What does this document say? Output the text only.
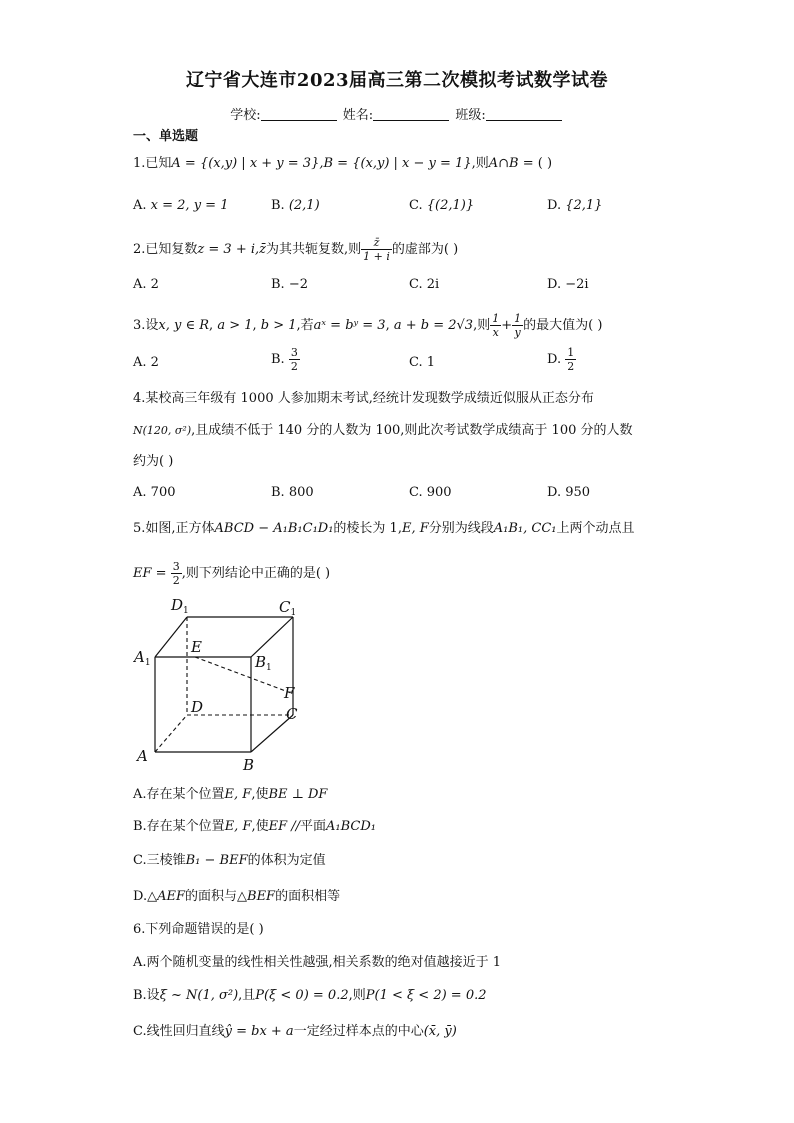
辽宁省大连市2023届高三第二次模拟考试数学试卷
学校:	姓名:	班级:
一、单选题
1.已知A = {(x,y) | x + y = 3},B = {(x,y) | x − y = 1},则A∩B = ( )
A. x = 2, y = 1	B. (2,1)	C. {(2,1)}	D. {2,1}
2.已知复数z = 3 + i,z̄为其共轭复数,则 $\frac{z̄}{1 + i}$ 的虚部为( )
A. 2	B. −2	C. 2i	D. −2i
3.设x, y ∈ R, a > 1, b > 1,若aˣ = bʸ = 3, a + b = 2√3,则 $\frac{1}{x} + \frac{1}{y}$ 的最大值为( )
A. 2	B. $\frac{3}{2}$	C. 1	D. $\frac{1}{2}$
4.某校高三年级有 1000 人参加期末考试,经统计发现数学成绩近似服从正态分布
N(120, σ²),且成绩不低于 140 分的人数为 100,则此次考试数学成绩高于 100 分的人数
约为( )
A. 700	B. 800	C. 900	D. 950
5.如图,正方体ABCD − A₁B₁C₁D₁的棱长为 1,E, F分别为线段A₁B₁, CC₁上两个动点且
EF = $\frac{3}{2}$ ,则下列结论中正确的是( )
$D_1$	$C_1$
$A_1$
E
$B_1$
F
D	C
A	B
A.存在某个位置E, F,使BE ⊥ DF
B.存在某个位置E, F,使EF //平面A₁BCD₁
C.三棱锥B₁ − BEF的体积为定值
D.△AEF的面积与△BEF的面积相等
6.下列命题错误的是( )
A.两个随机变量的线性相关性越强,相关系数的绝对值越接近于 1
B.设ξ ~ N(1, σ²),且P(ξ < 0) = 0.2,则P(1 < ξ < 2) = 0.2
C.线性回归直线ŷ = bx + a一定经过样本点的中心(x̄, ȳ)
